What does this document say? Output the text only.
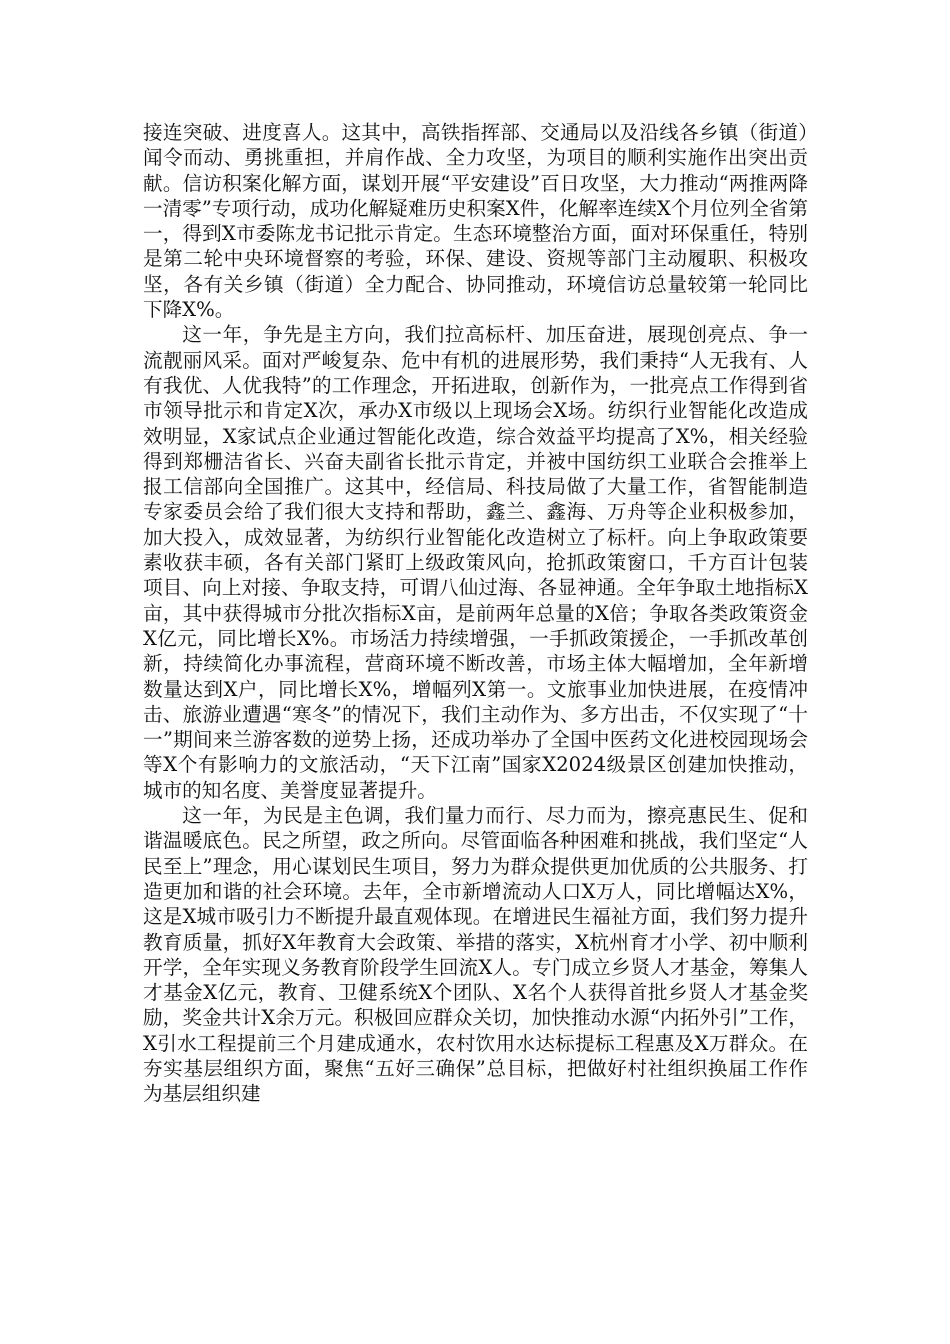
接连突破、进度喜人。这其中，高铁指挥部、交通局以及沿线各乡镇（街道）闻令而动、勇挑重担，并肩作战、全力攻坚，为项目的顺利实施作出突出贡献。信访积案化解方面，谋划开展“平安建设”百日攻坚，大力推动“两推两降一清零”专项行动，成功化解疑难历史积案X件，化解率连续X个月位列全省第一，得到X市委陈龙书记批示肯定。生态环境整治方面，面对环保重任，特别是第二轮中央环境督察的考验，环保、建设、资规等部门主动履职、积极攻坚，各有关乡镇（街道）全力配合、协同推动，环境信访总量较第一轮同比下降X%。

这一年，争先是主方向，我们拉高标杆、加压奋进，展现创亮点、争一流靓丽风采。面对严峻复杂、危中有机的进展形势，我们秉持“人无我有、人有我优、人优我特”的工作理念，开拓进取，创新作为，一批亮点工作得到省市领导批示和肯定X次，承办X市级以上现场会X场。纺织行业智能化改造成效明显，X家试点企业通过智能化改造，综合效益平均提高了X%，相关经验得到郑栅洁省长、兴奋夫副省长批示肯定，并被中国纺织工业联合会推举上报工信部向全国推广。这其中，经信局、科技局做了大量工作，省智能制造专家委员会给了我们很大支持和帮助，鑫兰、鑫海、万舟等企业积极参加，加大投入，成效显著，为纺织行业智能化改造树立了标杆。向上争取政策要素收获丰硕，各有关部门紧盯上级政策风向，抢抓政策窗口，千方百计包装项目、向上对接、争取支持，可谓八仙过海、各显神通。全年争取土地指标X亩，其中获得城市分批次指标X亩，是前两年总量的X倍；争取各类政策资金X亿元，同比增长X%。市场活力持续增强，一手抓政策援企，一手抓改革创新，持续简化办事流程，营商环境不断改善，市场主体大幅增加，全年新增数量达到X户，同比增长X%，增幅列X第一。文旅事业加快进展，在疫情冲击、旅游业遭遇“寒冬”的情况下，我们主动作为、多方出击，不仅实现了“十一”期间来兰游客数的逆势上扬，还成功举办了全国中医药文化进校园现场会等X个有影响力的文旅活动，“天下江南”国家X2024级景区创建加快推动，城市的知名度、美誉度显著提升。

这一年，为民是主色调，我们量力而行、尽力而为，擦亮惠民生、促和谐温暖底色。民之所望，政之所向。尽管面临各种困难和挑战，我们坚定“人民至上”理念，用心谋划民生项目，努力为群众提供更加优质的公共服务、打造更加和谐的社会环境。去年，全市新增流动人口X万人，同比增幅达X%，这是X城市吸引力不断提升最直观体现。在增进民生福祉方面，我们努力提升教育质量，抓好X年教育大会政策、举措的落实，X杭州育才小学、初中顺利开学，全年实现义务教育阶段学生回流X人。专门成立乡贤人才基金，筹集人才基金X亿元，教育、卫健系统X个团队、X名个人获得首批乡贤人才基金奖励，奖金共计X余万元。积极回应群众关切，加快推动水源“内拓外引”工作，X引水工程提前三个月建成通水，农村饮用水达标提标工程惠及X万群众。在夯实基层组织方面，聚焦“五好三确保”总目标，把做好村社组织换届工作作为基层组织建
